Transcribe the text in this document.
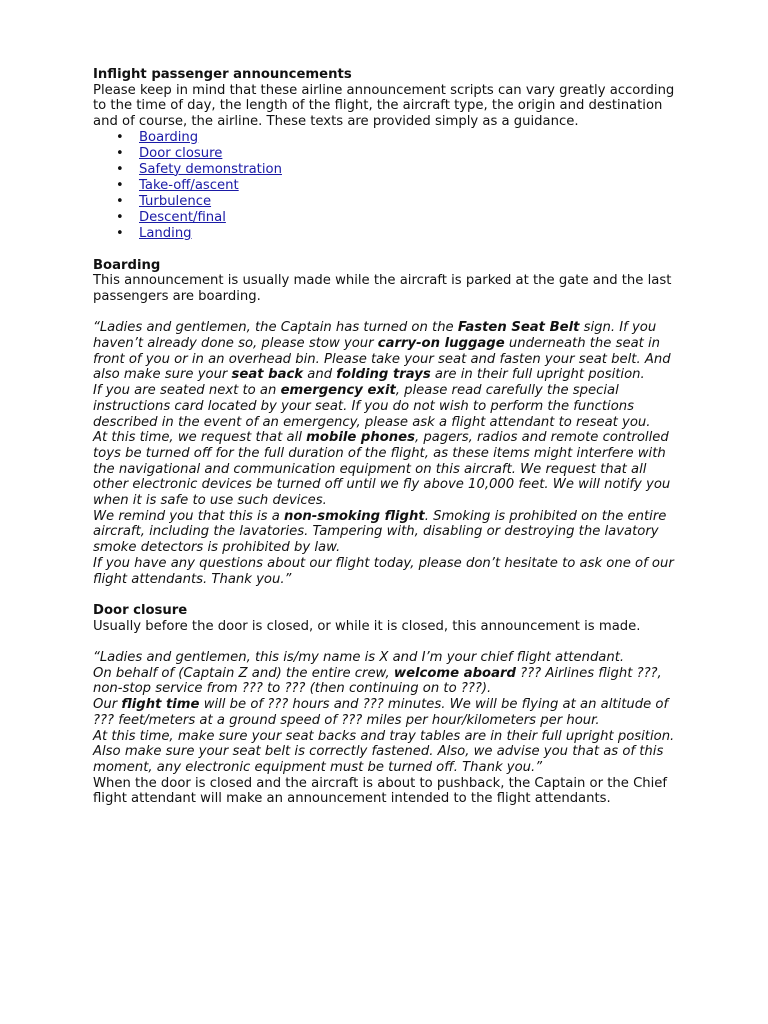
Inflight passenger announcements

Please keep in mind that these airline announcement scripts can vary greatly according to the time of day, the length of the flight, the aircraft type, the origin and destination and of course, the airline. These texts are provided simply as a guidance.

• Boarding
• Door closure
• Safety demonstration
• Take-off/ascent
• Turbulence
• Descent/final
• Landing
Boarding

This announcement is usually made while the aircraft is parked at the gate and the last passengers are boarding.

“Ladies and gentlemen, the Captain has turned on the Fasten Seat Belt sign. If you haven’t already done so, please stow your carry-on luggage underneath the seat in front of you or in an overhead bin. Please take your seat and fasten your seat belt. And also make sure your seat back and folding trays are in their full upright position.

If you are seated next to an emergency exit, please read carefully the special instructions card located by your seat. If you do not wish to perform the functions described in the event of an emergency, please ask a flight attendant to reseat you.

At this time, we request that all mobile phones, pagers, radios and remote controlled toys be turned off for the full duration of the flight, as these items might interfere with the navigational and communication equipment on this aircraft. We request that all other electronic devices be turned off until we fly above 10,000 feet. We will notify you when it is safe to use such devices.

We remind you that this is a non-smoking flight. Smoking is prohibited on the entire aircraft, including the lavatories. Tampering with, disabling or destroying the lavatory smoke detectors is prohibited by law.

If you have any questions about our flight today, please don’t hesitate to ask one of our flight attendants. Thank you.”

Door closure

Usually before the door is closed, or while it is closed, this announcement is made.

“Ladies and gentlemen, this is/my name is X and I’m your chief flight attendant.

On behalf of (Captain Z and) the entire crew, welcome aboard ??? Airlines flight ???, non-stop service from ??? to ??? (then continuing on to ???).

Our flight time will be of ??? hours and ??? minutes. We will be flying at an altitude of ??? feet/meters at a ground speed of ??? miles per hour/kilometers per hour.

At this time, make sure your seat backs and tray tables are in their full upright position. Also make sure your seat belt is correctly fastened. Also, we advise you that as of this moment, any electronic equipment must be turned off. Thank you.”

When the door is closed and the aircraft is about to pushback, the Captain or the Chief flight attendant will make an announcement intended to the flight attendants.
